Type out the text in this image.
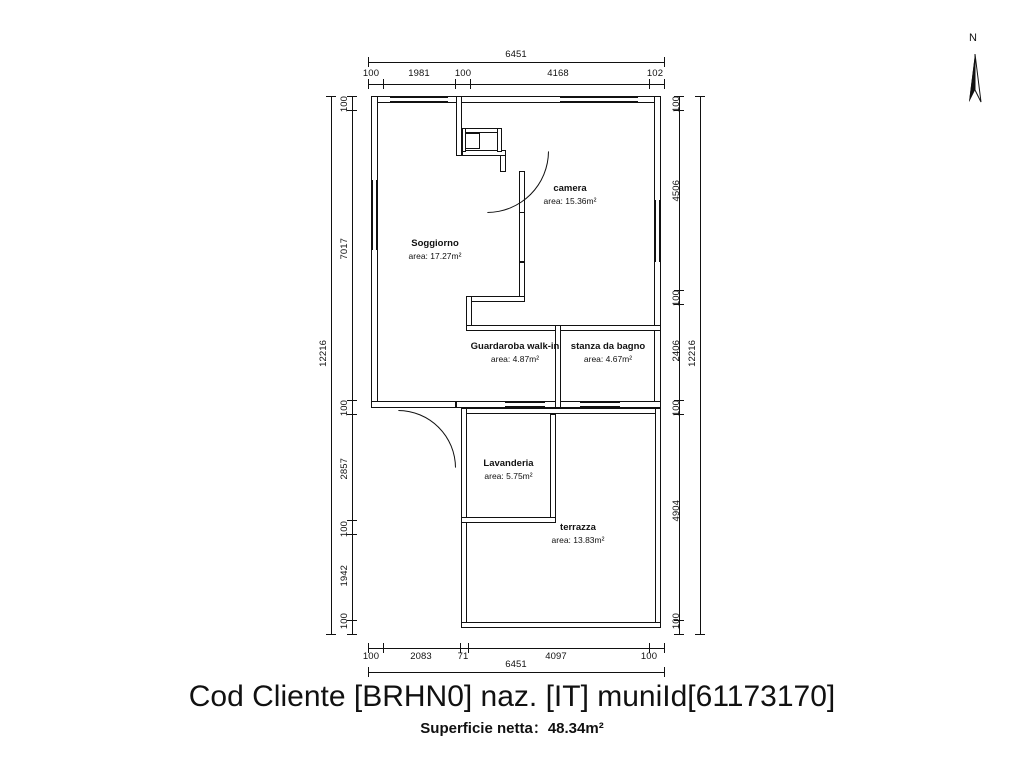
6451
100	1981	100	4168	102
100	2083	71	4097	100
6451
12216
100
7017
100
2857
100
1942
100
100
4506
100
2406
100
4904
100
12216
Soggiorno
area: 17.27m²
camera
area: 15.36m²
Guardaroba walk-in
area: 4.87m²
stanza da bagno
area: 4.67m²
Lavanderia
area: 5.75m²
terrazza
area: 13.83m²
N
Cod Cliente [BRHN0] naz. [IT] muniId[61173170]
Superficie netta：48.34m²
